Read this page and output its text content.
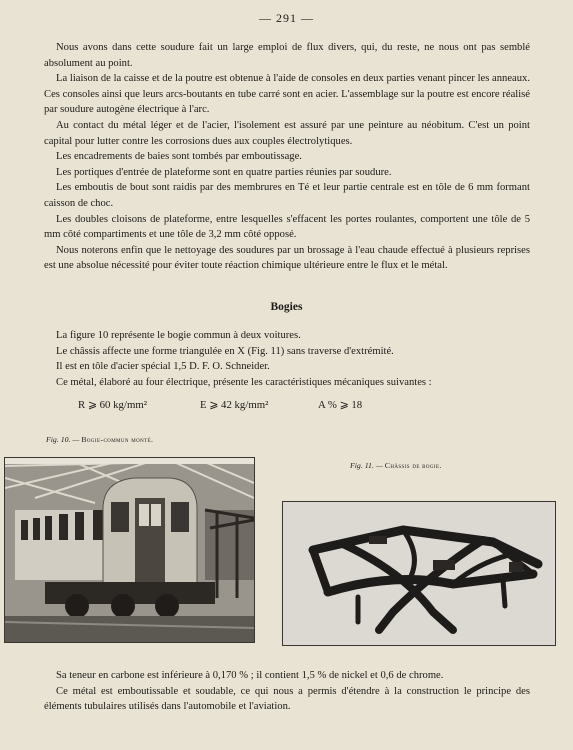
— 291 —

Nous avons dans cette soudure fait un large emploi de flux divers, qui, du reste, ne nous ont pas semblé absolument au point.

La liaison de la caisse et de la poutre est obtenue à l'aide de consoles en deux parties venant pincer les anneaux. Ces consoles ainsi que leurs arcs-boutants en tube carré sont en acier. L'assemblage sur la poutre est encore réalisé par soudure autogène électrique à l'arc.

Au contact du métal léger et de l'acier, l'isolement est assuré par une peinture au néobitum. C'est un point capital pour lutter contre les corrosions dues aux couples électrolytiques.

Les encadrements de baies sont tombés par emboutissage.

Les portiques d'entrée de plateforme sont en quatre parties réunies par soudure.

Les emboutis de bout sont raidis par des membrures en Té et leur partie centrale est en tôle de 6 mm formant caisson de choc.

Les doubles cloisons de plateforme, entre lesquelles s'effacent les portes roulantes, comportent une tôle de 5 mm côté compartiments et une tôle de 3,2 mm côté opposé.

Nous noterons enfin que le nettoyage des soudures par un brossage à l'eau chaude effectué à plusieurs reprises est une absolue nécessité pour éviter toute réaction chimique ultérieure entre le flux et le métal.

Bogies

La figure 10 représente le bogie commun à deux voitures.

Le châssis affecte une forme triangulée en X (Fig. 11) sans traverse d'extrémité.

Il est en tôle d'acier spécial 1,5 D. F. O. Schneider.

Ce métal, élaboré au four électrique, présente les caractéristiques mécaniques suivantes :

R ⩾ 60 kg/mm²	E ⩾ 42 kg/mm²	A % ⩾ 18
Fig. 10. — Bogie-commun monté.
Fig. 11. — Châssis de bogie.

Sa teneur en carbone est inférieure à 0,170 % ; il contient 1,5 % de nickel et 0,6 de chrome.

Ce métal est emboutissable et soudable, ce qui nous a permis d'étendre à la construction le principe des éléments tubulaires utilisés dans l'automobile et l'aviation.
